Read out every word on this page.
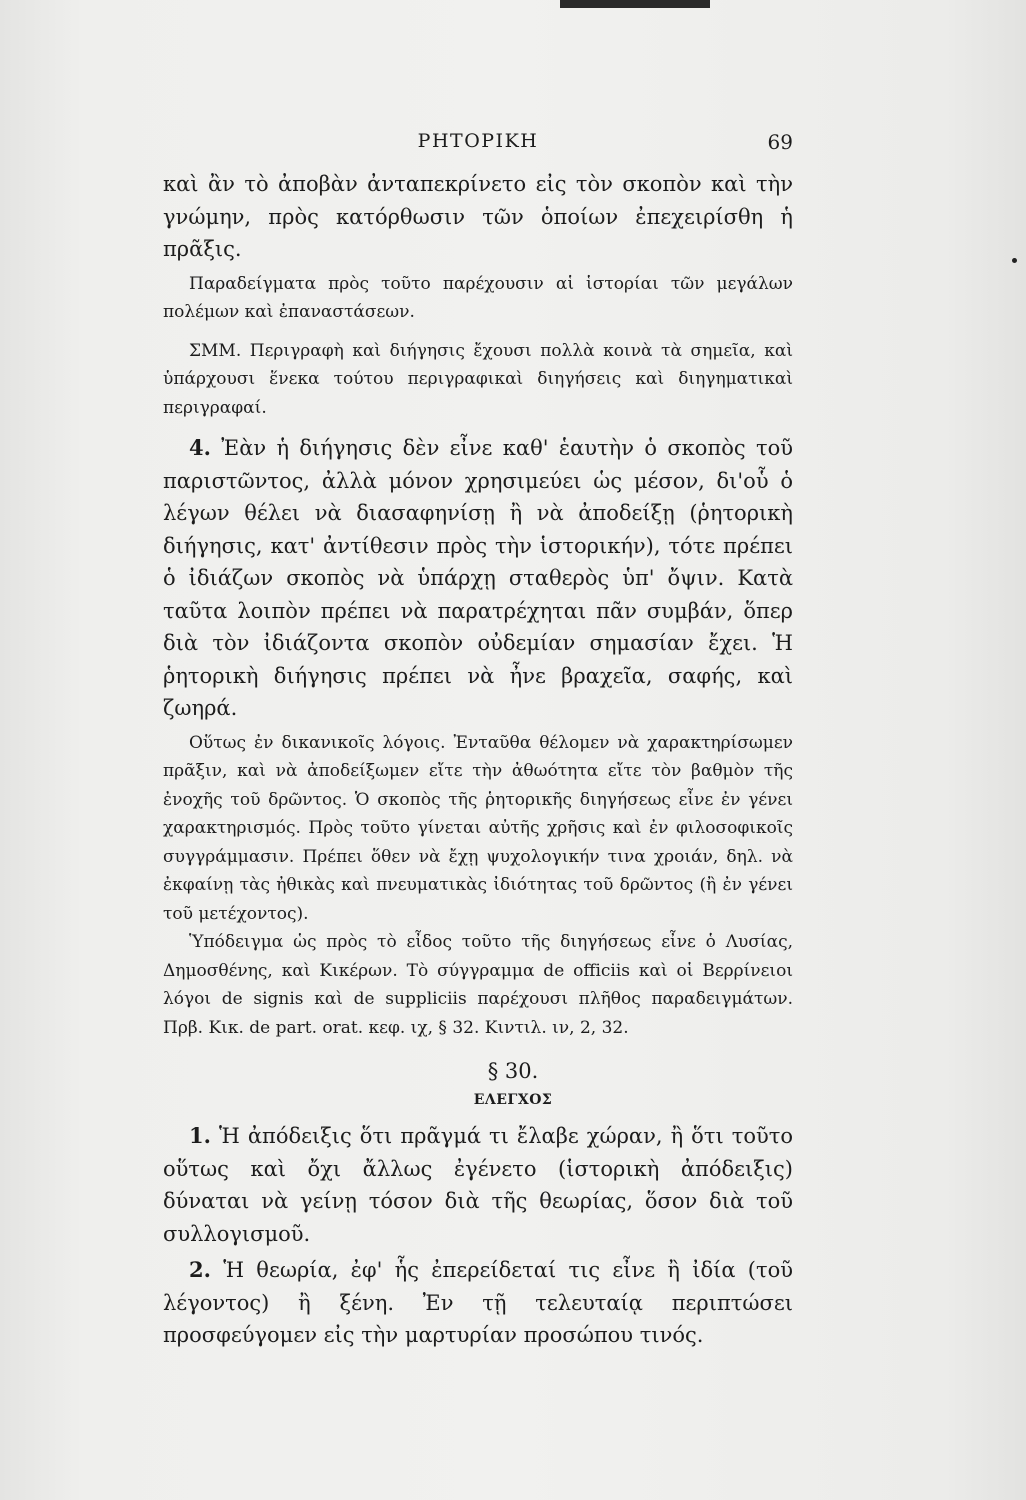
ΡΗΤΟΡΙΚΗ	69

καὶ ἂν τὸ ἀποβὰν ἀνταπεκρίνετο εἰς τὸν σκοπὸν καὶ τὴν γνώμην, πρὸς κατόρθωσιν τῶν ὁποίων ἐπεχειρίσθη ἡ πρᾶξις.

Παραδείγματα πρὸς τοῦτο παρέχουσιν αἱ ἱστορίαι τῶν μεγάλων πολέμων καὶ ἐπαναστάσεων.

ΣΜΜ. Περιγραφὴ καὶ διήγησις ἔχουσι πολλὰ κοινὰ τὰ σημεῖα, καὶ ὑπάρχουσι ἕνεκα τούτου περιγραφικαὶ διηγήσεις καὶ διηγηματικαὶ περιγραφαί.

4. Ἐὰν ἡ διήγησις δὲν εἶνε καθ' ἑαυτὴν ὁ σκοπὸς τοῦ παριστῶντος, ἀλλὰ μόνον χρησιμεύει ὡς μέσον, δι'οὗ ὁ λέγων θέλει νὰ διασαφηνίσῃ ἢ νὰ ἀποδείξῃ (ῥητορικὴ διήγησις, κατ' ἀντίθεσιν πρὸς τὴν ἱστορικήν), τότε πρέπει ὁ ἰδιάζων σκοπὸς νὰ ὑπάρχῃ σταθερὸς ὑπ' ὄψιν. Κατὰ ταῦτα λοιπὸν πρέπει νὰ παρατρέχηται πᾶν συμβάν, ὅπερ διὰ τὸν ἰδιάζοντα σκοπὸν οὐδεμίαν σημασίαν ἔχει. Ἡ ῥητορικὴ διήγησις πρέπει νὰ ἦνε βραχεῖα, σαφής, καὶ ζωηρά.

Οὕτως ἐν δικανικοῖς λόγοις. Ἐνταῦθα θέλομεν νὰ χαρακτηρίσωμεν πρᾶξιν, καὶ νὰ ἀποδείξωμεν εἴτε τὴν ἀθωότητα εἴτε τὸν βαθμὸν τῆς ἐνοχῆς τοῦ δρῶντος. Ὁ σκοπὸς τῆς ῥητορικῆς διηγήσεως εἶνε ἐν γένει χαρακτηρισμός. Πρὸς τοῦτο γίνεται αὐτῆς χρῆσις καὶ ἐν φιλοσοφικοῖς συγγράμμασιν. Πρέπει ὅθεν νὰ ἔχῃ ψυχολογικήν τινα χροιάν, δηλ. νὰ ἐκφαίνῃ τὰς ἠθικὰς καὶ πνευματικὰς ἰδιότητας τοῦ δρῶντος (ἢ ἐν γένει τοῦ μετέχοντος).

Ὑπόδειγμα ὡς πρὸς τὸ εἶδος τοῦτο τῆς διηγήσεως εἶνε ὁ Λυσίας, Δημοσθένης, καὶ Κικέρων. Τὸ σύγγραμμα de officiis καὶ οἱ Βερρίνειοι λόγοι de signis καὶ de suppliciis παρέχουσι πλῆθος παραδειγμάτων. Πρβ. Κικ. de part. orat. κεφ. ιχ, § 32. Κιντιλ. ιν, 2, 32.

§ 30.
ΕΛΕΓΧΟΣ

1. Ἡ ἀπόδειξις ὅτι πρᾶγμά τι ἔλαβε χώραν, ἢ ὅτι τοῦτο οὕτως καὶ ὄχι ἄλλως ἐγένετο (ἱστορικὴ ἀπόδειξις) δύναται νὰ γείνῃ τόσον διὰ τῆς θεωρίας, ὅσον διὰ τοῦ συλλογισμοῦ.

2. Ἡ θεωρία, ἐφ' ἧς ἐπερείδεταί τις εἶνε ἢ ἰδία (τοῦ λέγοντος) ἢ ξένη. Ἐν τῇ τελευταίᾳ περιπτώσει προσφεύγομεν εἰς τὴν μαρτυρίαν προσώπου τινός.
